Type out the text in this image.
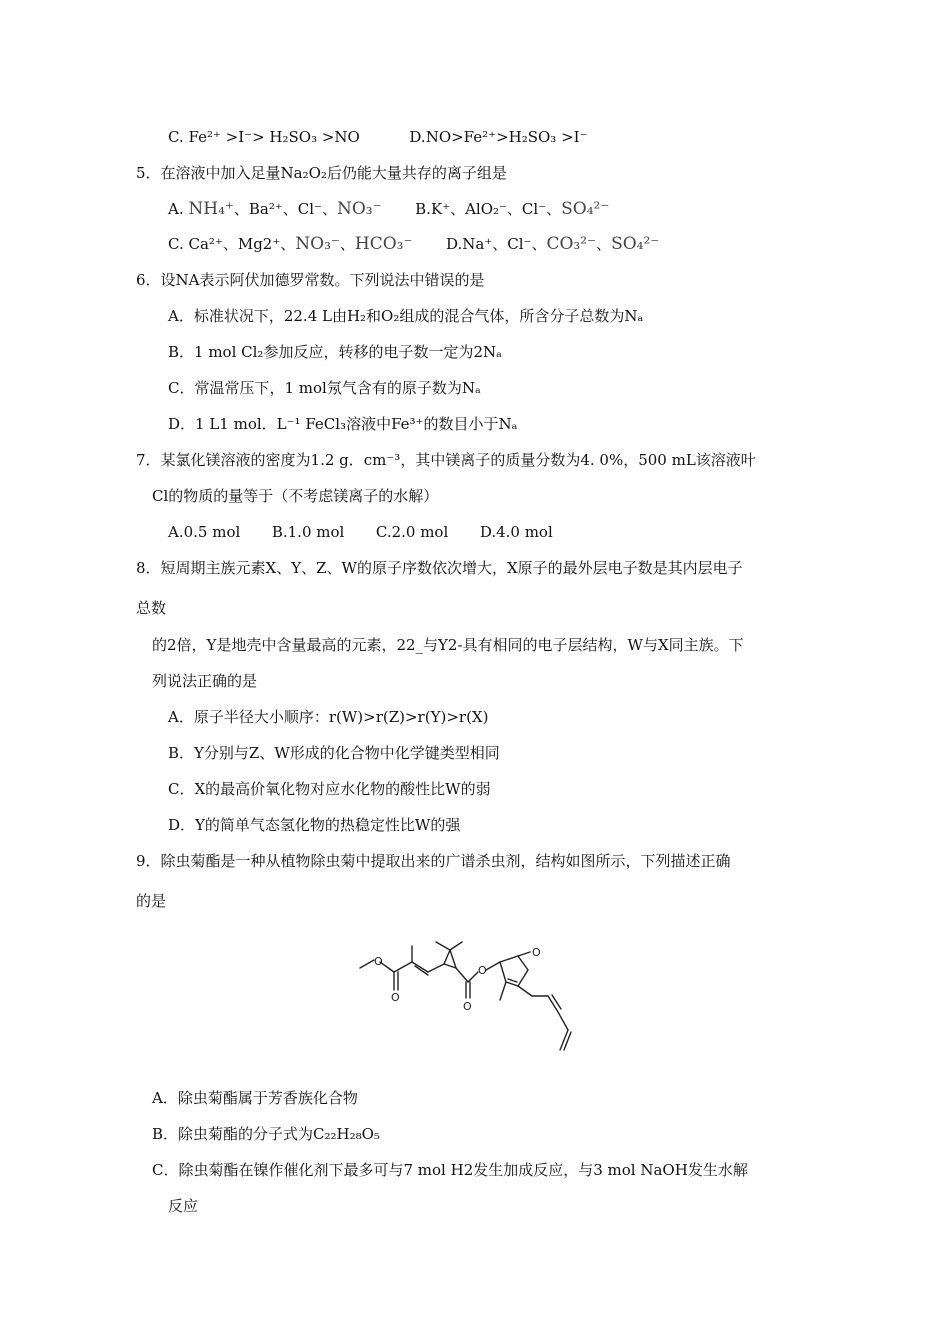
C. Fe²⁺ >I⁻> H₂SO₃ >NO	D.NO>Fe²⁺>H₂SO₃ >I⁻
5．在溶液中加入足量Na₂O₂后仍能大量共存的离子组是
A. NH₄⁺、Ba²⁺、Cl⁻、NO₃⁻ B.K⁺、AlO₂⁻、Cl⁻、SO₄²⁻
C. Ca²⁺、Mg2⁺、NO₃⁻、HCO₃⁻ D.Na⁺、Cl⁻、CO₃²⁻、SO₄²⁻
6．设NA表示阿伏加德罗常数。下列说法中错误的是
A．标准状况下，22.4 L由H₂和O₂组成的混合气体，所含分子总数为Nₐ
B．1 mol Cl₂参加反应，转移的电子数一定为2Nₐ
C．常温常压下，1 mol氖气含有的原子数为Nₐ
D．1 L1 mol．L⁻¹ FeCl₃溶液中Fe³⁺的数目小于Nₐ
7．某氯化镁溶液的密度为1.2 g．cm⁻³，其中镁离子的质量分数为4. 0%，500 mL该溶液叶
Cl的物质的量等于（不考虑镁离子的水解）
A.0.5 mol B.1.0 mol C.2.0 mol D.4.0 mol
8．短周期主族元素X、Y、Z、W的原子序数依次增大，X原子的最外层电子数是其内层电子
总数
的2倍，Y是地壳中含量最高的元素，22_与Y2-具有相同的电子层结构，W与X同主族。下
列说法正确的是
A．原子半径大小顺序：r(W)>r(Z)>r(Y)>r(X)
B．Y分别与Z、W形成的化合物中化学键类型相同
C．X的最高价氧化物对应水化物的酸性比W的弱
D．Y的简单气态氢化物的热稳定性比W的强
9．除虫菊酯是一种从植物除虫菊中提取出来的广谱杀虫剂，结构如图所示，下列描述正确
的是
O
O
O
O
O
A．除虫菊酯属于芳香族化合物
B．除虫菊酯的分子式为C₂₂H₂₈O₅
C．除虫菊酯在镍作催化剂下最多可与7 mol H2发生加成反应，与3 mol NaOH发生水解
反应
